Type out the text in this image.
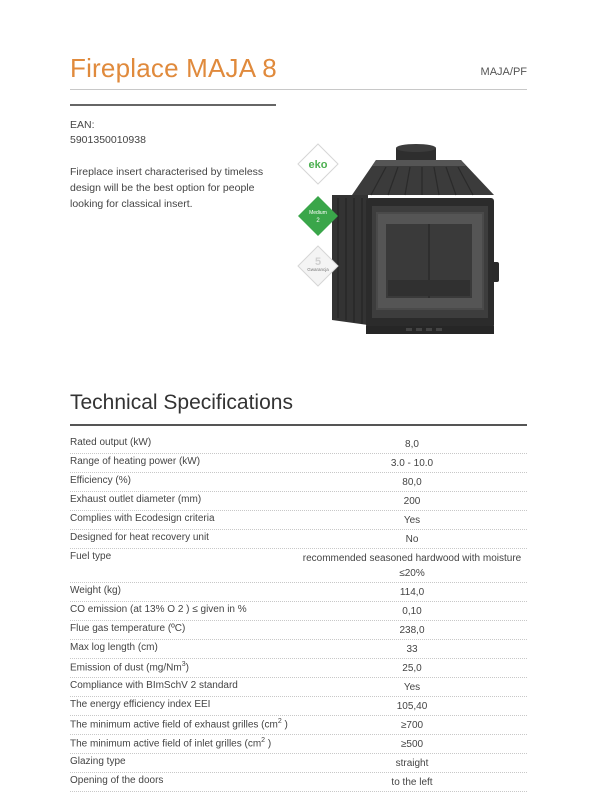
Fireplace MAJA 8	MAJA/PF
EAN:
5901350010938
Fireplace insert characterised by timeless design will be the best option for people looking for classical insert.
eko
Medium
2
5
Gwarancja
Technical Specifications
Rated output (kW)	8,0
Range of heating power (kW)	3.0 - 10.0
Efficiency (%)	80,0
Exhaust outlet diameter (mm)	200
Complies with Ecodesign criteria	Yes
Designed for heat recovery unit	No
Fuel type	recommended seasoned hardwood with moisture ≤20%
Weight (kg)	114,0
CO emission (at 13% O 2 ) ≤ given in %	0,10
Flue gas temperature (ºC)	238,0
Max log length (cm)	33
Emission of dust (mg/Nm$^3$)	25,0
Compliance with BImSchV 2 standard	Yes
The energy efficiency index EEI	105,40
The minimum active field of exhaust grilles ($cm^2$ )	≥700
The minimum active field of inlet grilles ($cm^2$ )	≥500
Glazing type	straight
Opening of the doors	to the left
